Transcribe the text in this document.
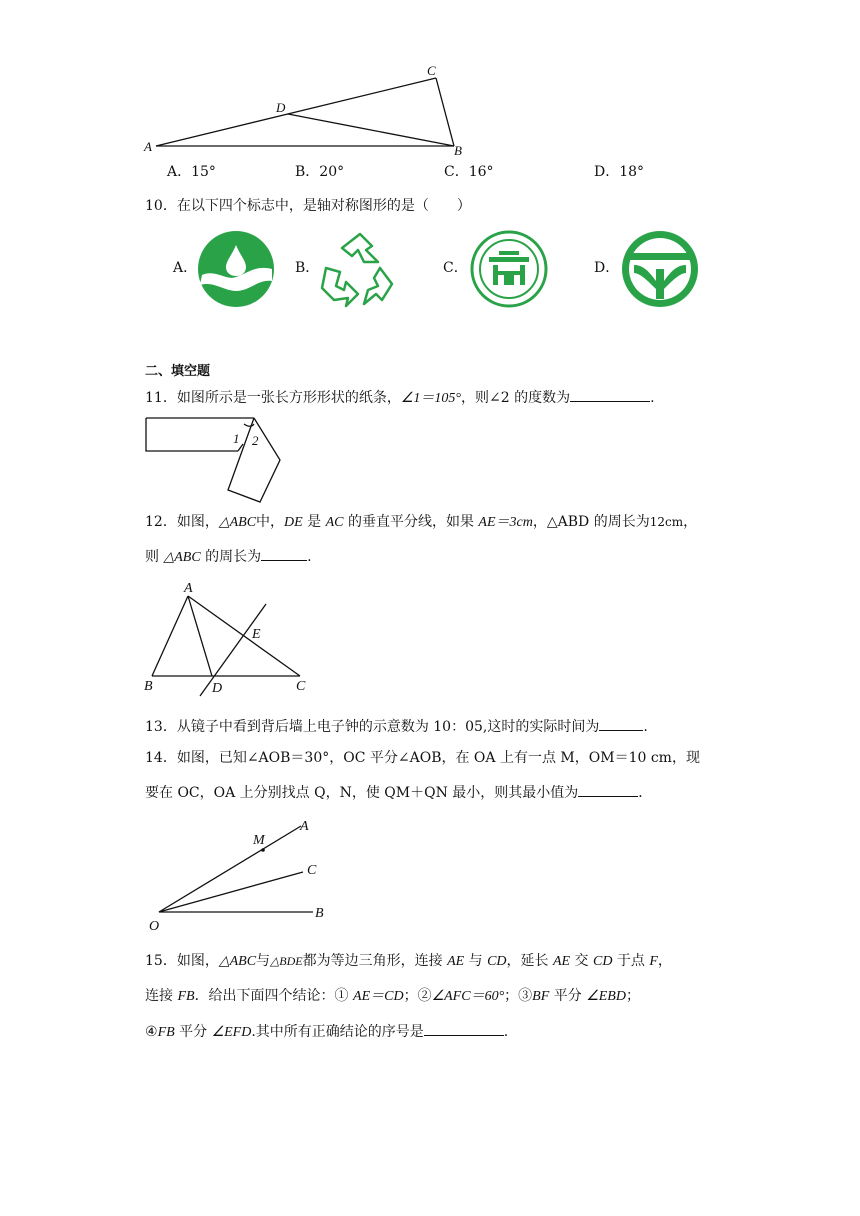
A	B
C
D
A．15°	B．20°	C．16°	D．18°
10．在以下四个标志中，是轴对称图形的是（　　）
A．	B．	C．	D．
二、填空题
11．如图所示是一张长方形形状的纸条，∠1＝105°，则∠2 的度数为	.
1 2
12．如图，△ABC中，DE 是 AC 的垂直平分线，如果 AE＝3cm，△ABD 的周长为12cm，
则 △ABC 的周长为	.
A
B	C
D
E
13．从镜子中看到背后墙上电子钟的示意数为 10：05,这时的实际时间为	.
14．如图，已知∠AOB＝30°，OC 平分∠AOB，在 OA 上有一点 M，OM＝10 cm，现
要在 OC，OA 上分别找点 Q，N，使 QM＋QN 最小，则其最小值为	．
O
M
A
C
B
15．如图，△ABC与△BDE都为等边三角形，连接 AE 与 CD，延长 AE 交 CD 于点 F，
连接 FB．给出下面四个结论：① AE＝CD；②∠AFC＝60°；③BF 平分 ∠EBD；
④FB 平分 ∠EFD.其中所有正确结论的序号是	.
